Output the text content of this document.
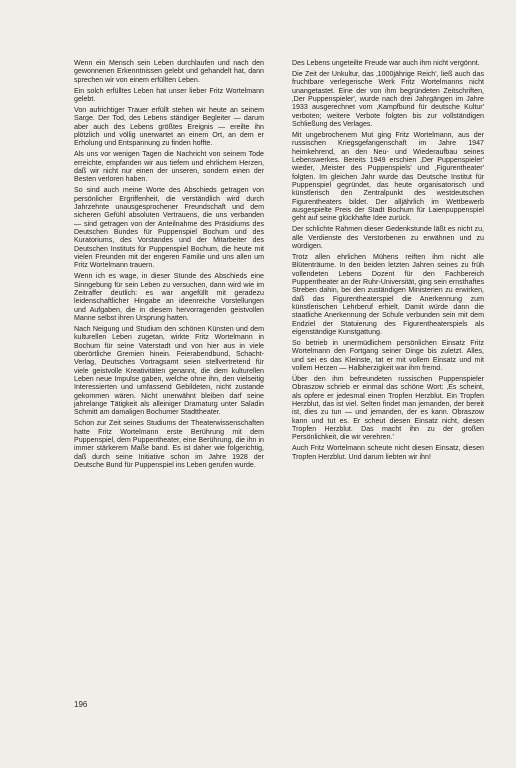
Wenn ein Mensch sein Leben durchlaufen und nach den gewonnenen Erkenntnissen gelebt und gehandelt hat, dann sprechen wir von einem erfüllten Leben.

Ein solch erfülltes Leben hat unser lieber Fritz Wortelmann gelebt.

Von aufrichtiger Trauer erfüllt stehen wir heute an seinem Sarge. Der Tod, des Lebens ständiger Begleiter — darum aber auch des Lebens größtes Ereignis — ereilte ihn plötzlich und völlig unerwartet an einem Ort, an dem er Erholung und Entspannung zu finden hoffte.

Als uns vor wenigen Tagen die Nachricht von seinem Tode erreichte, empfanden wir aus tiefem und ehrlichem Herzen, daß wir nicht nur einen der unseren, sondern einen der Besten verloren haben.

So sind auch meine Worte des Abschieds getragen von persönlicher Ergriffenheit, die verständlich wird durch Jahrzehnte unausgesprochener Freundschaft und dem sicheren Gefühl absoluten Vertrauens, die uns verbanden — sind getragen von der Anteilnahme des Präsidiums des Deutschen Bundes für Puppenspiel Bochum und des Kuratoriums, des Vorstandes und der Mitarbeiter des Deutschen Instituts für Puppenspiel Bochum, die heute mit vielen Freunden mit der engeren Familie und uns allen um Fritz Wortelmann trauern.

Wenn ich es wage, in dieser Stunde des Abschieds eine Sinngebung für sein Leben zu versuchen, dann wird wie im Zeitraffer deutlich: es war angefüllt mit geradezu leidenschaftlicher Hingabe an ideenreiche Vorstellungen und Aufgaben, die in diesem hervorragenden geistvollen Manne selbst ihren Ursprung hatten.

Nach Neigung und Studium den schönen Künsten und dem kulturellen Leben zugetan, wirkte Fritz Wortelmann in Bochum für seine Vaterstadt und von hier aus in viele überörtliche Gremien hinein. Feierabendbund, Schacht-Verlag, Deutsches Vortragsamt seien stellvertretend für viele geistvolle Kreativitäten genannt, die dem kulturellen Leben neue Impulse gaben, welche ohne ihn, den vielseitig Interessierten und umfassend Gebildeten, nicht zustande gekommen wären. Nicht unerwähnt bleiben darf seine jahrelange Tätigkeit als alleiniger Dramaturg unter Saladin Schmitt am damaligen Bochumer Stadttheater.

Schon zur Zeit seines Studiums der Theaterwissenschaften hatte Fritz Wortelmann erste Berührung mit dem Puppenspiel, dem Puppentheater, eine Berührung, die ihn in immer stärkerem Maße band. Es ist daher wie folgerichtig, daß durch seine Initiative schon im Jahre 1928 der Deutsche Bund für Puppenspiel ins Leben gerufen wurde.

Des Lebens ungeteilte Freude war auch ihm nicht vergönnt.

Die Zeit der Unkultur, das ‚1000jährige Reich', ließ auch das fruchtbare verlegerische Werk Fritz Wortelmanns nicht unangetastet. Eine der von ihm begründeten Zeitschriften, ‚Der Puppenspieler', wurde nach drei Jahrgängen im Jahre 1933 ausgerechnet vom ‚Kampfbund für deutsche Kultur' verboten; weitere Verbote folgten bis zur vollständigen Schließung des Verlages.

Mit ungebrochenem Mut ging Fritz Wortelmann, aus der russischen Kriegsgefangenschaft im Jahre 1947 heimkehrend, an den Neu- und Wiederaufbau seines Lebenswerkes. Bereits 1949 erschien ‚Der Puppenspieler' wieder, ‚Meister des Puppenspiels' und ‚Figurentheater' folgten. Im gleichen Jahr wurde das Deutsche Institut für Puppenspiel gegründet, das heute organisatorisch und künstlerisch den Zentralpunkt des westdeutschen Figurentheaters bildet. Der alljährlich im Wettbewerb ausgespielte Preis der Stadt Bochum für Laienpuppenspiel geht auf seine glückhafte Idee zurück.

Der schlichte Rahmen dieser Gedenkstunde läßt es nicht zu, alle Verdienste des Verstorbenen zu erwähnen und zu würdigen.

Trotz allen ehrlichen Mühens reiften ihm nicht alle Blütenträume. In den beiden letzten Jahren seines zu früh vollendeten Lebens Dozent für den Fachbereich Puppentheater an der Ruhr-Universität, ging sein ernsthaftes Streben dahin, bei den zuständigen Ministerien zu erwirken, daß das Figurentheaterspiel die Anerkennung zum künstlerischen Lehrberuf erhielt. Damit würde dann die staatliche Anerkennung der Schule verbunden sein mit dem Endziel der Statuierung des Figurentheaterspiels als eigenständige Kunstgattung.

So betrieb in unermüdlichem persönlichen Einsatz Fritz Wortelmann den Fortgang seiner Dinge bis zuletzt. Alles, und sei es das Kleinste, tat er mit vollem Einsatz und mit vollem Herzen — Halbherzigkeit war ihm fremd.

Über den ihm befreundeten russischen Puppenspieler Obraszow schrieb er einmal das schöne Wort: ‚Es scheint, als opfere er jedesmal einen Tropfen Herzblut. Ein Tropfen Herzblut, das ist viel. Selten findet man jemanden, der bereit ist, dies zu tun — und jemanden, der es kann. Obraszow kann und tut es. Er scheut diesen Einsatz nicht, diesen Tropfen Herzblut. Das macht ihn zu der großen Persönlichkeit, die wir verehren.'

Auch Fritz Wortelmann scheute nicht diesen Einsatz, diesen Tropfen Herzblut. Und darum liebten wir ihn!

196
